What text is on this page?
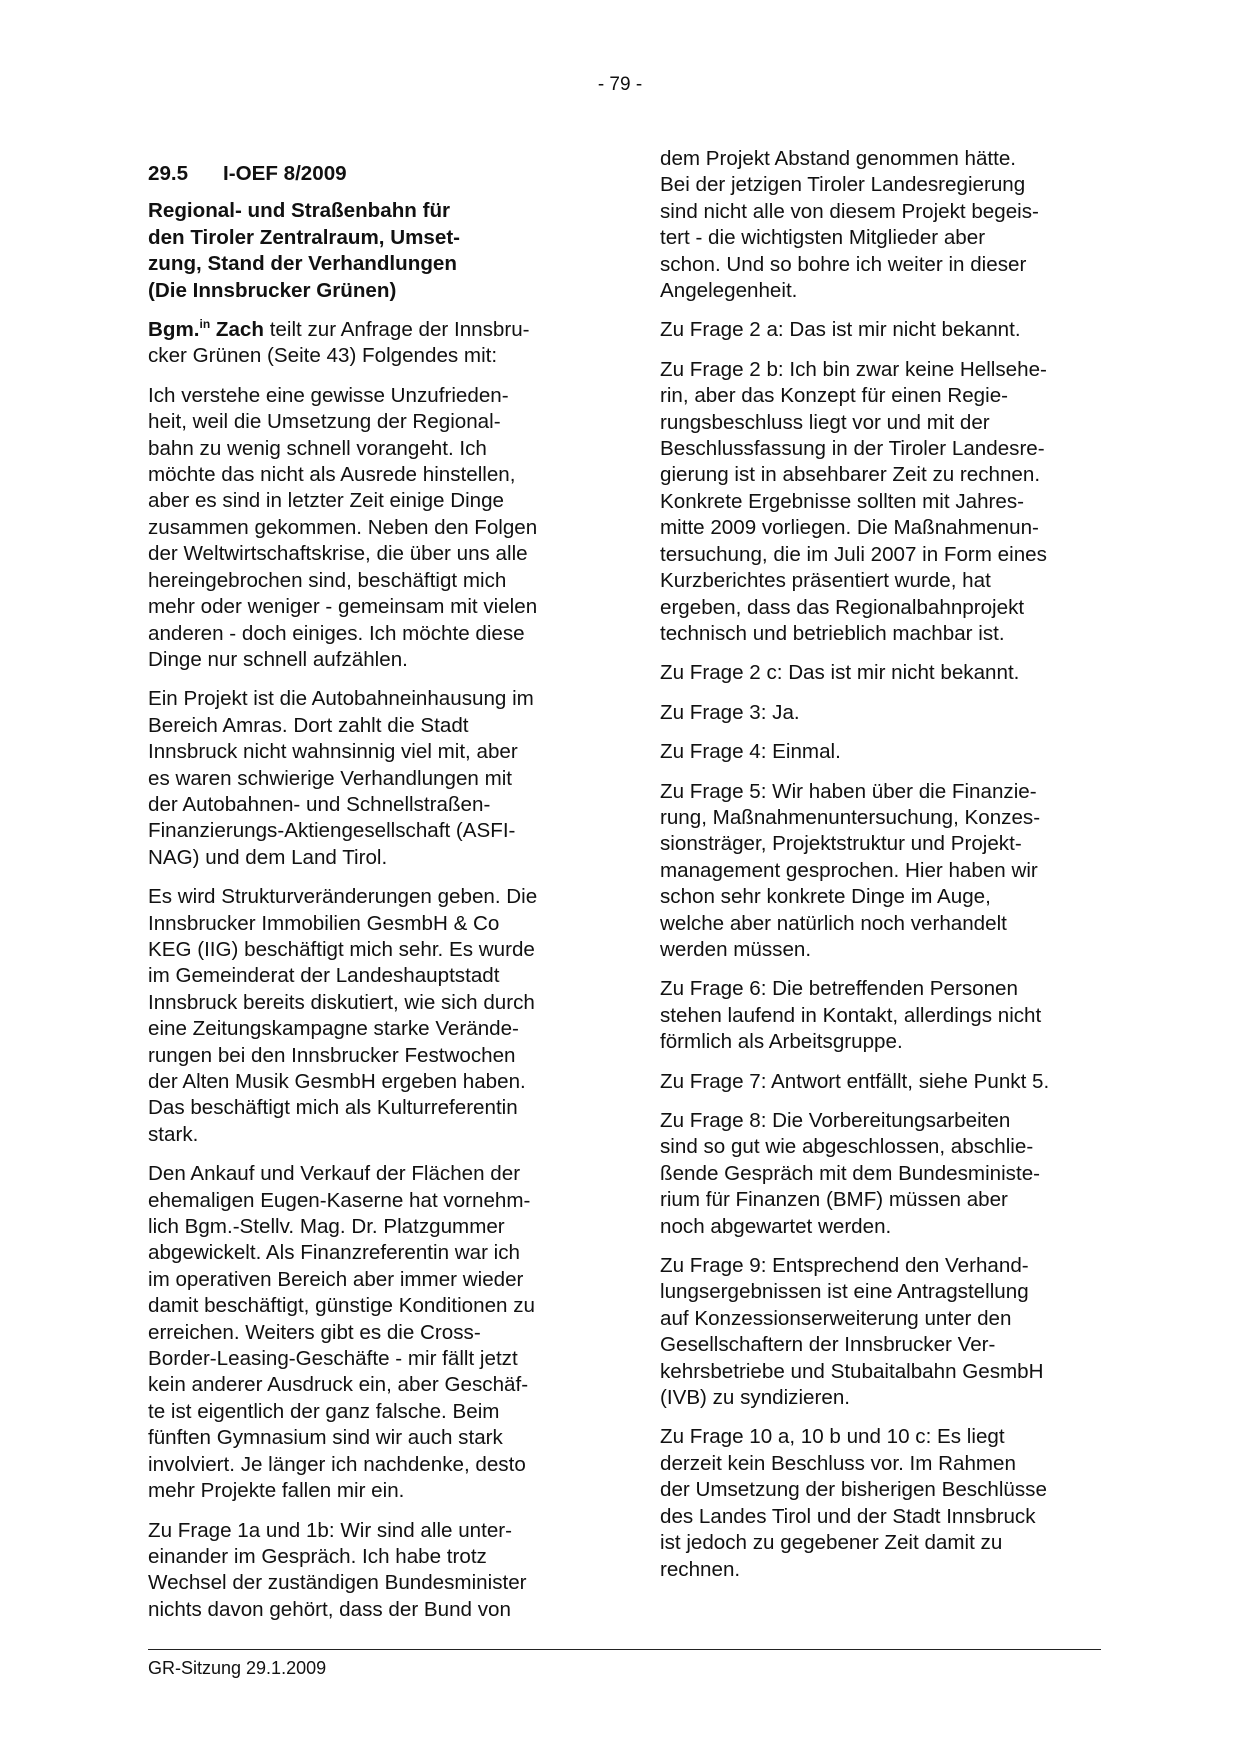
- 79 -
29.5	I-OEF 8/2009

Regional- und Straßenbahn für
den Tiroler Zentralraum, Umset-
zung, Stand der Verhandlungen
(Die Innsbrucker Grünen)

Bgm.$^{in}$ Zach teilt zur Anfrage der Innsbru-
cker Grünen (Seite 43) Folgendes mit:

Ich verstehe eine gewisse Unzufrieden-
heit, weil die Umsetzung der Regional-
bahn zu wenig schnell vorangeht. Ich
möchte das nicht als Ausrede hinstellen,
aber es sind in letzter Zeit einige Dinge
zusammen gekommen. Neben den Folgen
der Weltwirtschaftskrise, die über uns alle
hereingebrochen sind, beschäftigt mich
mehr oder weniger - gemeinsam mit vielen
anderen - doch einiges. Ich möchte diese
Dinge nur schnell aufzählen.

Ein Projekt ist die Autobahneinhausung im
Bereich Amras. Dort zahlt die Stadt
Innsbruck nicht wahnsinnig viel mit, aber
es waren schwierige Verhandlungen mit
der Autobahnen- und Schnellstraßen-
Finanzierungs-Aktiengesellschaft (ASFI-
NAG) und dem Land Tirol.

Es wird Strukturveränderungen geben. Die
Innsbrucker Immobilien GesmbH & Co
KEG (IIG) beschäftigt mich sehr. Es wurde
im Gemeinderat der Landeshauptstadt
Innsbruck bereits diskutiert, wie sich durch
eine Zeitungskampagne starke Verände-
rungen bei den Innsbrucker Festwochen
der Alten Musik GesmbH ergeben haben.
Das beschäftigt mich als Kulturreferentin
stark.

Den Ankauf und Verkauf der Flächen der
ehemaligen Eugen-Kaserne hat vornehm-
lich Bgm.-Stellv. Mag. Dr. Platzgummer
abgewickelt. Als Finanzreferentin war ich
im operativen Bereich aber immer wieder
damit beschäftigt, günstige Konditionen zu
erreichen. Weiters gibt es die Cross-
Border-Leasing-Geschäfte - mir fällt jetzt
kein anderer Ausdruck ein, aber Geschäf-
te ist eigentlich der ganz falsche. Beim
fünften Gymnasium sind wir auch stark
involviert. Je länger ich nachdenke, desto
mehr Projekte fallen mir ein.

Zu Frage 1a und 1b: Wir sind alle unter-
einander im Gespräch. Ich habe trotz
Wechsel der zuständigen Bundesminister
nichts davon gehört, dass der Bund von

dem Projekt Abstand genommen hätte.
Bei der jetzigen Tiroler Landesregierung
sind nicht alle von diesem Projekt begeis-
tert - die wichtigsten Mitglieder aber
schon. Und so bohre ich weiter in dieser
Angelegenheit.

Zu Frage 2 a: Das ist mir nicht bekannt.

Zu Frage 2 b: Ich bin zwar keine Hellsehe-
rin, aber das Konzept für einen Regie-
rungsbeschluss liegt vor und mit der
Beschlussfassung in der Tiroler Landesre-
gierung ist in absehbarer Zeit zu rechnen.
Konkrete Ergebnisse sollten mit Jahres-
mitte 2009 vorliegen. Die Maßnahmenun-
tersuchung, die im Juli 2007 in Form eines
Kurzberichtes präsentiert wurde, hat
ergeben, dass das Regionalbahnprojekt
technisch und betrieblich machbar ist.

Zu Frage 2 c: Das ist mir nicht bekannt.

Zu Frage 3: Ja.

Zu Frage 4: Einmal.

Zu Frage 5: Wir haben über die Finanzie-
rung, Maßnahmenuntersuchung, Konzes-
sionsträger, Projektstruktur und Projekt-
management gesprochen. Hier haben wir
schon sehr konkrete Dinge im Auge,
welche aber natürlich noch verhandelt
werden müssen.

Zu Frage 6: Die betreffenden Personen
stehen laufend in Kontakt, allerdings nicht
förmlich als Arbeitsgruppe.

Zu Frage 7: Antwort entfällt, siehe Punkt 5.

Zu Frage 8: Die Vorbereitungsarbeiten
sind so gut wie abgeschlossen, abschlie-
ßende Gespräch mit dem Bundesministe-
rium für Finanzen (BMF) müssen aber
noch abgewartet werden.

Zu Frage 9: Entsprechend den Verhand-
lungsergebnissen ist eine Antragstellung
auf Konzessionserweiterung unter den
Gesellschaftern der Innsbrucker Ver-
kehrsbetriebe und Stubaitalbahn GesmbH
(IVB) zu syndizieren.

Zu Frage 10 a, 10 b und 10 c: Es liegt
derzeit kein Beschluss vor. Im Rahmen
der Umsetzung der bisherigen Beschlüsse
des Landes Tirol und der Stadt Innsbruck
ist jedoch zu gegebener Zeit damit zu
rechnen.

GR-Sitzung 29.1.2009
